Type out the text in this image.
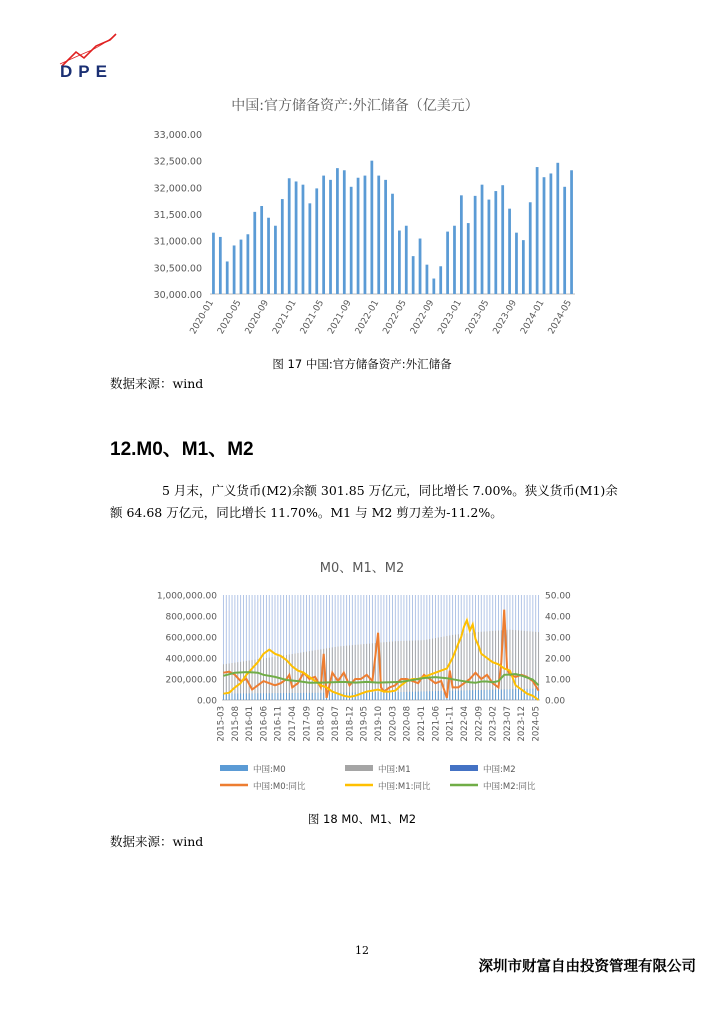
DPE
中国:官方储备资产:外汇储备（亿美元）
30,000.00
30,500.00
31,000.00
31,500.00
32,000.00
32,500.00
33,000.00
2020-01 2020-05 2020-09 2021-01 2021-05 2021-09 2022-01 2022-05 2022-09 2023-01 2023-05 2023-09 2024-01 2024-05
图 17 中国:官方储备资产:外汇储备
数据来源：wind
12.M0、M1、M2
5 月末，广义货币(M2)余额 301.85 万亿元，同比增长 7.00%。狭义货币(M1)余额 64.68 万亿元，同比增长 11.70%。M1 与 M2 剪刀差为-11.2%。
M0、M1、M2
0.00
200,000.00
400,000.00
600,000.00
800,000.00
1,000,000.00
0.00
10.00
20.00
30.00
40.00
50.00
2015-03 2015-08 2016-01 2016-06 2016-11 2017-04 2017-09 2018-02 2018-07 2018-12 2019-05 2019-10 2020-03 2020-08 2021-01 2021-06 2021-11 2022-04 2022-09 2023-02 2023-07 2023-12 2024-05
中国:M0	中国:M1	中国:M2
中国:M0:同比	中国:M1:同比	中国:M2:同比
图 18 M0、M1、M2
数据来源：wind
12
深圳市财富自由投资管理有限公司
